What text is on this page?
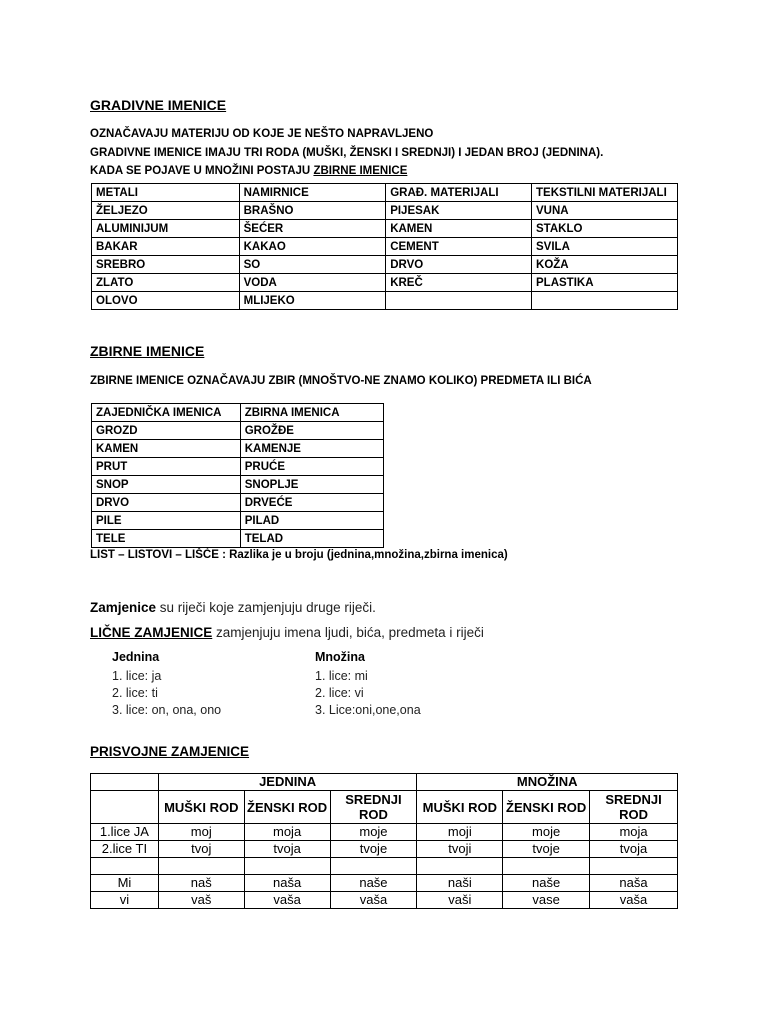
GRADIVNE IMENICE
OZNAČAVAJU MATERIJU OD KOJE JE NEŠTO NAPRAVLJENO
GRADIVNE IMENICE IMAJU TRI RODA (MUŠKI, ŽENSKI I SREDNJI) I JEDAN BROJ (JEDNINA).
KADA SE POJAVE U MNOŽINI POSTAJU ZBIRNE IMENICE
METALI	NAMIRNICE	GRAĐ. MATERIJALI	TEKSTILNI MATERIJALI
ŽELJEZO	BRAŠNO	PIJESAK	VUNA
ALUMINIJUM	ŠEĆER	KAMEN	STAKLO
BAKAR	KAKAO	CEMENT	SVILA
SREBRO	SO	DRVO	KOŽA
ZLATO	VODA	KREČ	PLASTIKA
OLOVO	MLIJEKO		
ZBIRNE IMENICE
ZBIRNE IMENICE OZNAČAVAJU ZBIR (MNOŠTVO-NE ZNAMO KOLIKO) PREDMETA ILI BIĆA
ZAJEDNIČKA IMENICA	ZBIRNA IMENICA
GROZD	GROŽĐE
KAMEN	KAMENJE
PRUT	PRUĆE
SNOP	SNOPLJE
DRVO	DRVEĆE
PILE	PILAD
TELE	TELAD
LIST – LISTOVI – LIŠĆE : Razlika je u broju (jednina,množina,zbirna imenica)
Zamjenice su riječi koje zamjenjuju druge riječi.
LIČNE ZAMJENICE zamjenjuju imena ljudi, bića, predmeta i riječi
Jednina
1. lice: ja
2. lice: ti
3. lice: on, ona, ono
Množina
1. lice: mi
2. lice: vi
3. Lice:oni,one,ona
PRISVOJNE ZAMJENICE
	JEDNINA			MNOŽINA		
	MUŠKI ROD	ŽENSKI ROD	SREDNJI ROD	MUŠKI ROD	ŽENSKI ROD	SREDNJI ROD
1.lice JA	moj	moja	moje	moji	moje	moja
2.lice TI	tvoj	tvoja	tvoje	tvoji	tvoje	tvoja

Mi	naš	naša	naše	naši	naše	naša
vi	vaš	vaša	vaša	vaši	vase	vaša
